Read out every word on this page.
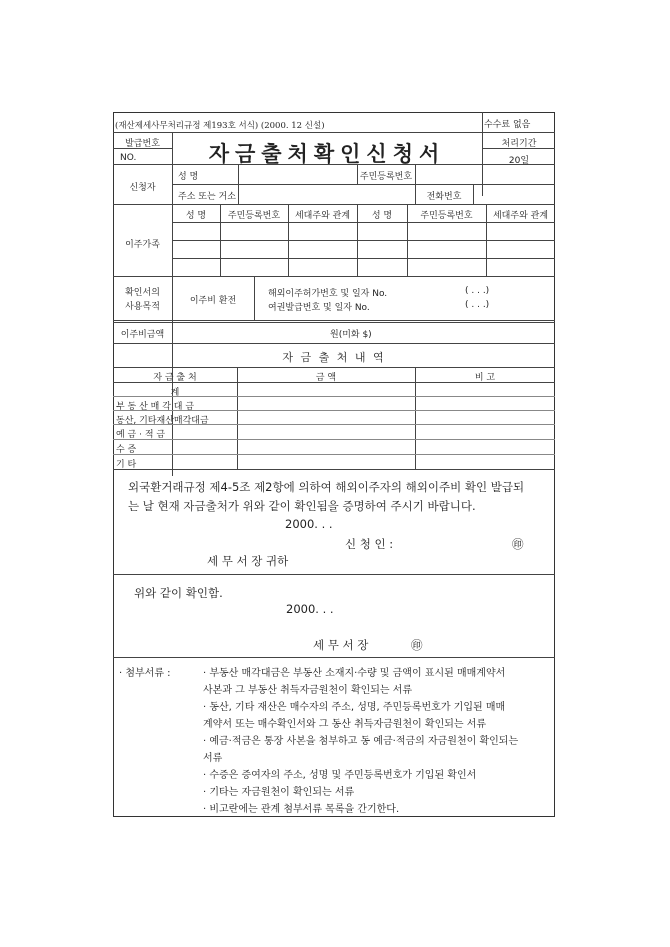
(재산제세사무처리규정 제193호 서식) (2000. 12 신설)	수수료 없음
발급번호
NO.	자금출처확인신청서	처리기간
20일
신청자
성 명	주민등록번호
주소 또는 거소	전화번호
이주가족
성 명	주민등록번호	세대주와 관계	성 명	주민등록번호	세대주와 관계
확인서의
사용목적
이주비 환전
해외이주허가번호 및 일자 No.	( . . .)
여권발급번호 및 일자 No.	( . . .)
이주비금액	원(미화 $)
자 금 출 처 내 역
자 금 출 처	금 액	비 고
계
부 동 산 매 각 대 금
동산, 기타재산매각대금
예 금 · 적 금
수 증
기 타
외국환거래규정 제4-5조 제2항에 의하여 해외이주자의 해외이주비 확인 발급되
는 날 현재 자금출처가 위와 같이 확인됨을 증명하여 주시기 바랍니다.
2000. . .
신 청 인 :	㊞
세 무 서 장 귀하
위와 같이 확인함.
2000. . .
세 무 서 장	㊞
· 첨부서류 :	· 부동산 매각대금은 부동산 소재지·수량 및 금액이 표시된 매매계약서
사본과 그 부동산 취득자금원천이 확인되는 서류
· 동산, 기타 재산은 매수자의 주소, 성명, 주민등록번호가 기입된 매매
계약서 또는 매수확인서와 그 동산 취득자금원천이 확인되는 서류
· 예금·적금은 통장 사본을 첨부하고 동 예금·적금의 자금원천이 확인되는
서류
· 수증은 증여자의 주소, 성명 및 주민등록번호가 기입된 확인서
· 기타는 자금원천이 확인되는 서류
· 비고란에는 관계 첨부서류 목록을 간기한다.
